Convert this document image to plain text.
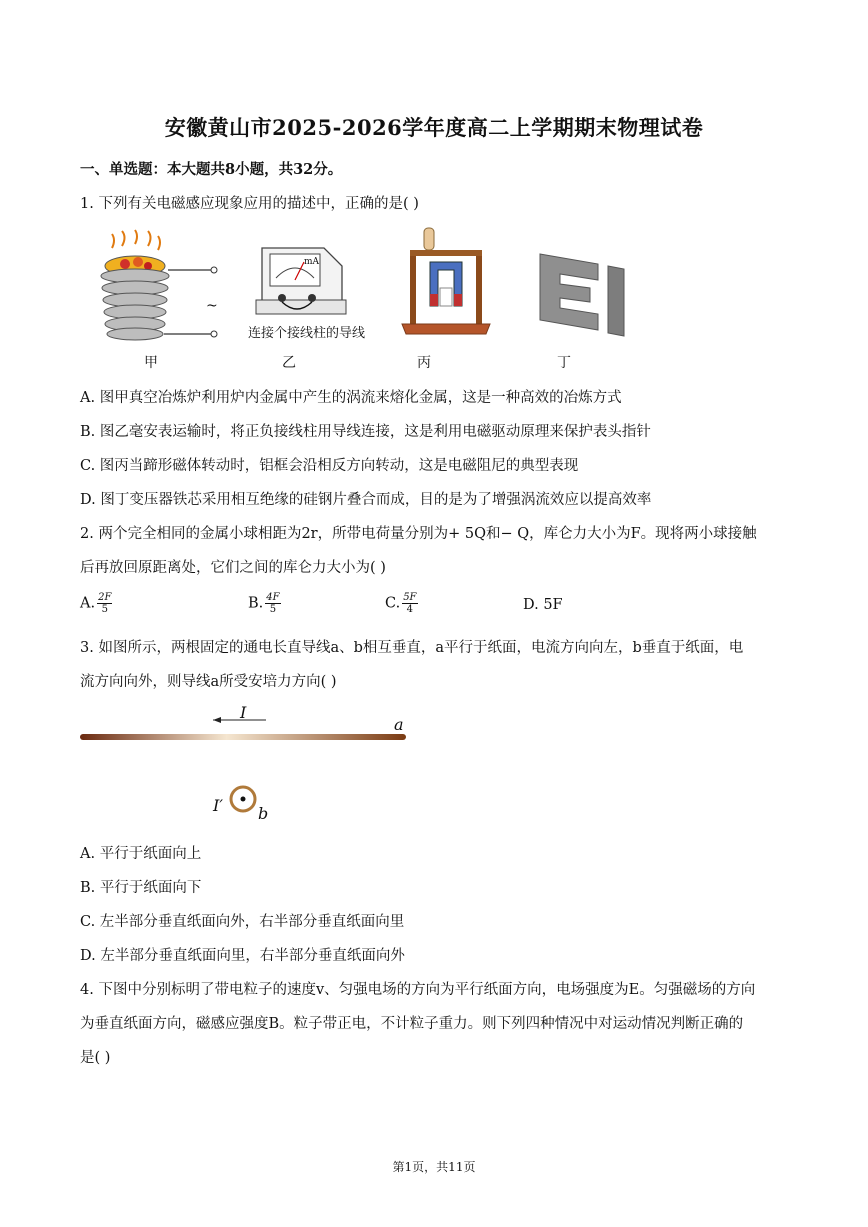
安徽黄山市2025-2026学年度高二上学期期末物理试卷
一、单选题：本大题共8小题，共32分。
1. 下列有关电磁感应现象应用的描述中，正确的是( )
~
mA
连接个接线柱的导线
甲	乙	丙	丁
A. 图甲真空冶炼炉利用炉内金属中产生的涡流来熔化金属，这是一种高效的冶炼方式
B. 图乙毫安表运输时，将正负接线柱用导线连接，这是利用电磁驱动原理来保护表头指针
C. 图丙当蹄形磁体转动时，铝框会沿相反方向转动，这是电磁阻尼的典型表现
D. 图丁变压器铁芯采用相互绝缘的硅钢片叠合而成，目的是为了增强涡流效应以提高效率
2. 两个完全相同的金属小球相距为2r，所带电荷量分别为+ 5Q和− Q，库仑力大小为F。现将两小球接触
后再放回原距离处，它们之间的库仑力大小为( )
A. $\frac{2F}{5}$	B. $\frac{4F}{5}$	C. $\frac{5F}{4}$	D. 5F
3. 如图所示，两根固定的通电长直导线a、b相互垂直，a平行于纸面，电流方向向左，b垂直于纸面，电
流方向向外，则导线a所受安培力方向( )
I
a
I′ b
A. 平行于纸面向上
B. 平行于纸面向下
C. 左半部分垂直纸面向外，右半部分垂直纸面向里
D. 左半部分垂直纸面向里，右半部分垂直纸面向外
4. 下图中分别标明了带电粒子的速度v、匀强电场的方向为平行纸面方向，电场强度为E。匀强磁场的方向
为垂直纸面方向，磁感应强度B。粒子带正电，不计粒子重力。则下列四种情况中对运动情况判断正确的
是( )
第1页，共11页
